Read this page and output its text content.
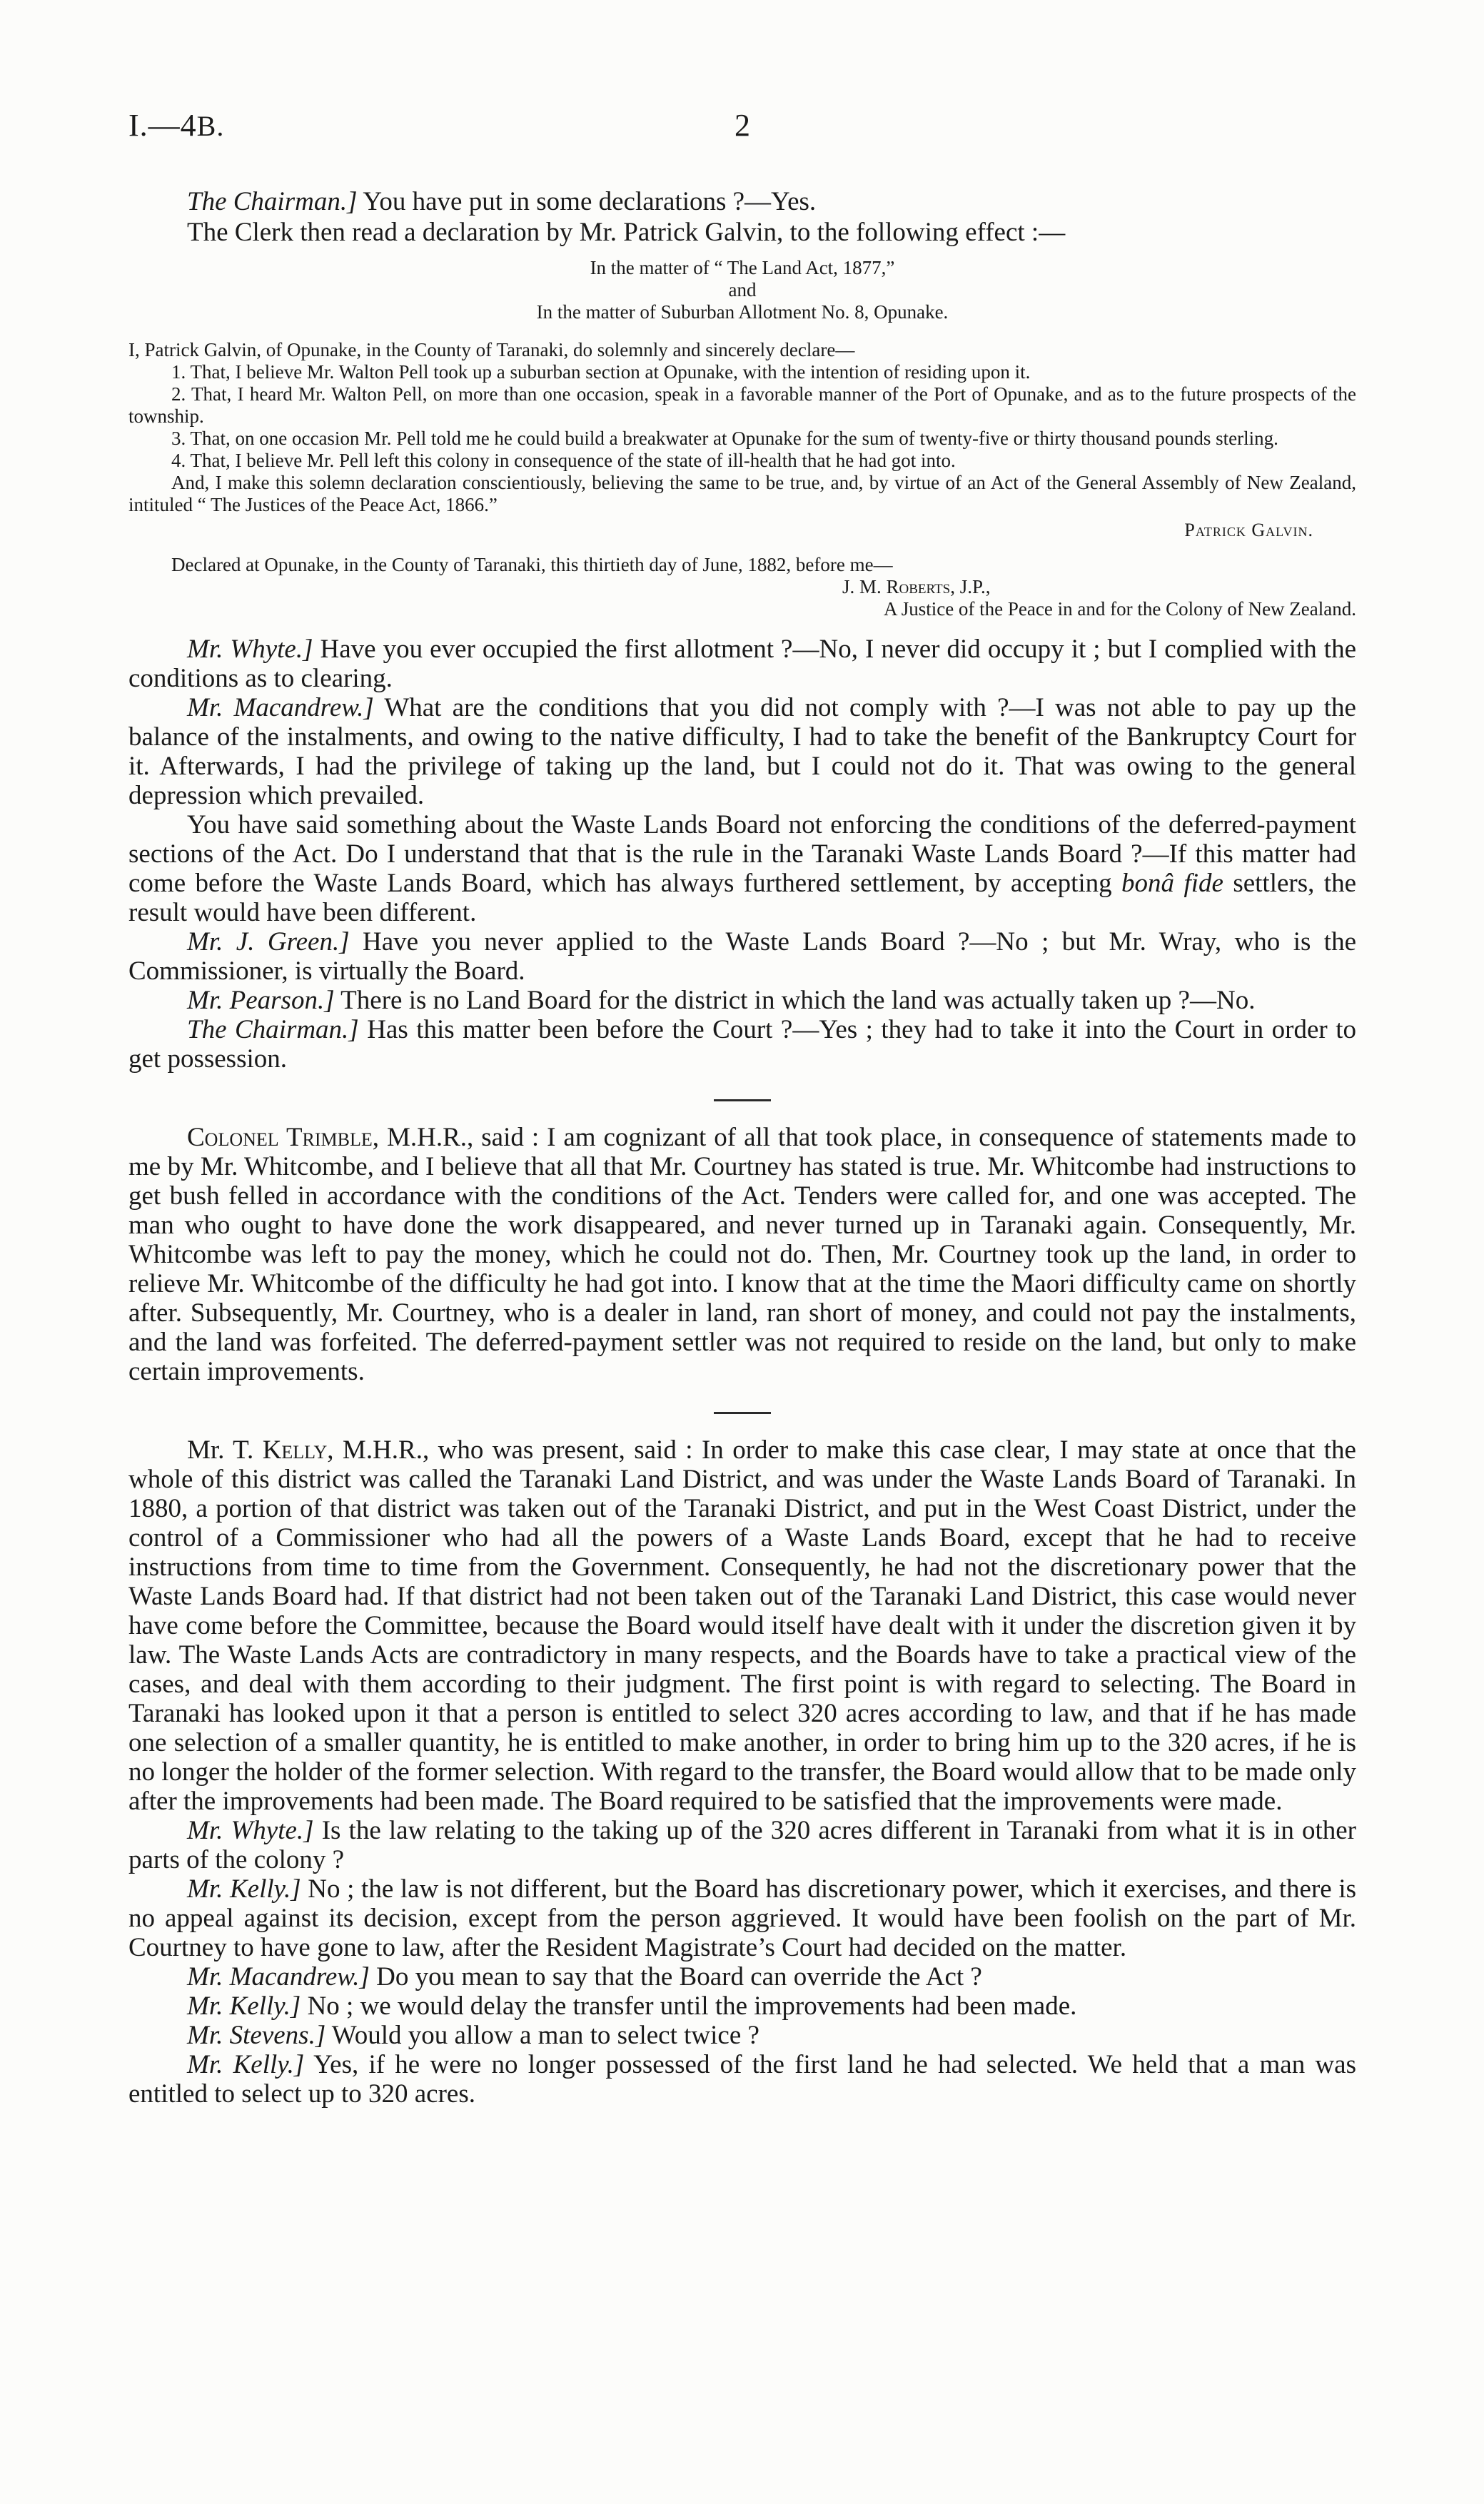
I.—4B.	2

The Chairman.] You have put in some declarations ?—Yes.

The Clerk then read a declaration by Mr. Patrick Galvin, to the following effect :—

In the matter of “ The Land Act, 1877,”
and
In the matter of Suburban Allotment No. 8, Opunake.

I, Patrick Galvin, of Opunake, in the County of Taranaki, do solemnly and sincerely declare—

1. That, I believe Mr. Walton Pell took up a suburban section at Opunake, with the intention of residing upon it.

2. That, I heard Mr. Walton Pell, on more than one occasion, speak in a favorable manner of the Port of Opunake, and as to the future prospects of the township.

3. That, on one occasion Mr. Pell told me he could build a breakwater at Opunake for the sum of twenty-five or thirty thousand pounds sterling.

4. That, I believe Mr. Pell left this colony in consequence of the state of ill-health that he had got into.

And, I make this solemn declaration conscientiously, believing the same to be true, and, by virtue of an Act of the General Assembly of New Zealand, intituled “ The Justices of the Peace Act, 1866.”

Patrick Galvin.

Declared at Opunake, in the County of Taranaki, this thirtieth day of June, 1882, before me—

J. M. Roberts, J.P.,
A Justice of the Peace in and for the Colony of New Zealand.

Mr. Whyte.] Have you ever occupied the first allotment ?—No, I never did occupy it ; but I complied with the conditions as to clearing.

Mr. Macandrew.] What are the conditions that you did not comply with ?—I was not able to pay up the balance of the instalments, and owing to the native difficulty, I had to take the benefit of the Bankruptcy Court for it. Afterwards, I had the privilege of taking up the land, but I could not do it. That was owing to the general depression which prevailed.

You have said something about the Waste Lands Board not enforcing the conditions of the deferred-payment sections of the Act. Do I understand that that is the rule in the Taranaki Waste Lands Board ?—If this matter had come before the Waste Lands Board, which has always furthered settlement, by accepting bonâ fide settlers, the result would have been different.

Mr. J. Green.] Have you never applied to the Waste Lands Board ?—No ; but Mr. Wray, who is the Commissioner, is virtually the Board.

Mr. Pearson.] There is no Land Board for the district in which the land was actually taken up ?—No.

The Chairman.] Has this matter been before the Court ?—Yes ; they had to take it into the Court in order to get possession.

Colonel Trimble, M.H.R., said : I am cognizant of all that took place, in consequence of statements made to me by Mr. Whitcombe, and I believe that all that Mr. Courtney has stated is true. Mr. Whitcombe had instructions to get bush felled in accordance with the conditions of the Act. Tenders were called for, and one was accepted. The man who ought to have done the work disappeared, and never turned up in Taranaki again. Consequently, Mr. Whitcombe was left to pay the money, which he could not do. Then, Mr. Courtney took up the land, in order to relieve Mr. Whitcombe of the difficulty he had got into. I know that at the time the Maori difficulty came on shortly after. Subsequently, Mr. Courtney, who is a dealer in land, ran short of money, and could not pay the instalments, and the land was forfeited. The deferred-payment settler was not required to reside on the land, but only to make certain improvements.

Mr. T. Kelly, M.H.R., who was present, said : In order to make this case clear, I may state at once that the whole of this district was called the Taranaki Land District, and was under the Waste Lands Board of Taranaki. In 1880, a portion of that district was taken out of the Taranaki District, and put in the West Coast District, under the control of a Commissioner who had all the powers of a Waste Lands Board, except that he had to receive instructions from time to time from the Government. Consequently, he had not the discretionary power that the Waste Lands Board had. If that district had not been taken out of the Taranaki Land District, this case would never have come before the Committee, because the Board would itself have dealt with it under the discretion given it by law. The Waste Lands Acts are contradictory in many respects, and the Boards have to take a practical view of the cases, and deal with them according to their judgment. The first point is with regard to selecting. The Board in Taranaki has looked upon it that a person is entitled to select 320 acres according to law, and that if he has made one selection of a smaller quantity, he is entitled to make another, in order to bring him up to the 320 acres, if he is no longer the holder of the former selection. With regard to the transfer, the Board would allow that to be made only after the improvements had been made. The Board required to be satisfied that the improvements were made.

Mr. Whyte.] Is the law relating to the taking up of the 320 acres different in Taranaki from what it is in other parts of the colony ?

Mr. Kelly.] No ; the law is not different, but the Board has discretionary power, which it exercises, and there is no appeal against its decision, except from the person aggrieved. It would have been foolish on the part of Mr. Courtney to have gone to law, after the Resident Magistrate’s Court had decided on the matter.

Mr. Macandrew.] Do you mean to say that the Board can override the Act ?

Mr. Kelly.] No ; we would delay the transfer until the improvements had been made.

Mr. Stevens.] Would you allow a man to select twice ?

Mr. Kelly.] Yes, if he were no longer possessed of the first land he had selected. We held that a man was entitled to select up to 320 acres.
